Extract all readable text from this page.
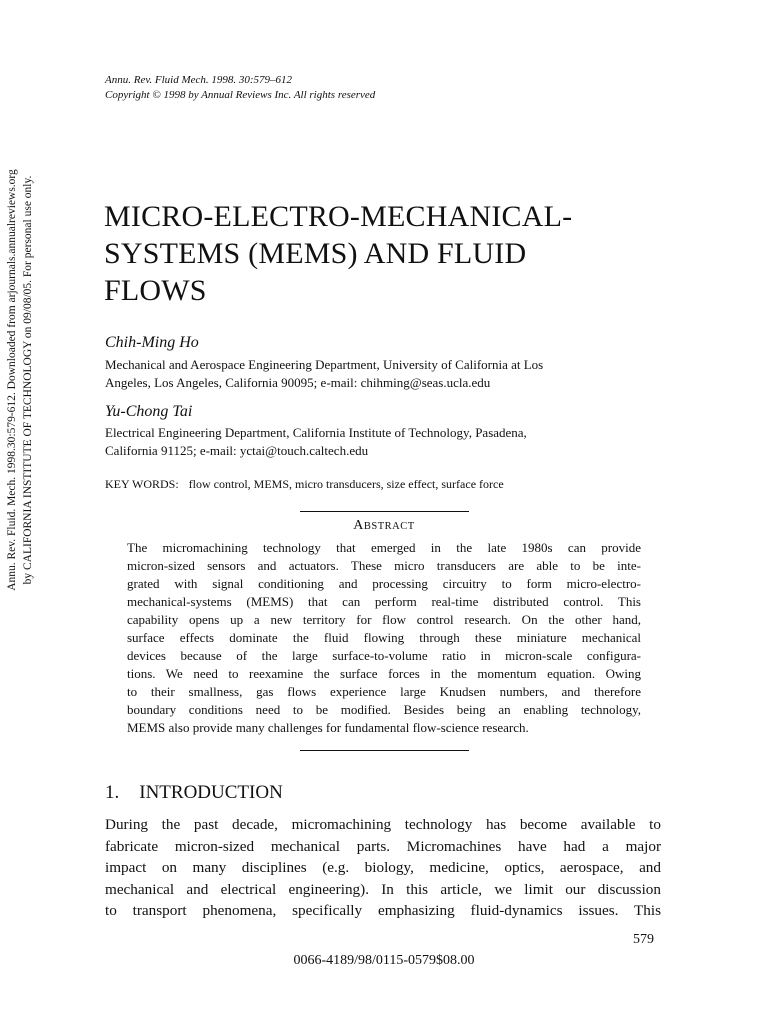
Annu. Rev. Fluid. Mech. 1998.30:579-612. Downloaded from arjournals.annualreviews.org by CALIFORNIA INSTITUTE OF TECHNOLOGY on 09/08/05. For personal use only.
Annu. Rev. Fluid Mech. 1998. 30:579–612
Copyright © 1998 by Annual Reviews Inc. All rights reserved
MICRO-ELECTRO-MECHANICAL-
SYSTEMS (MEMS) AND FLUID
FLOWS
Chih-Ming Ho
Mechanical and Aerospace Engineering Department, University of California at Los
Angeles, Los Angeles, California 90095; e-mail: chihming@seas.ucla.edu
Yu-Chong Tai
Electrical Engineering Department, California Institute of Technology, Pasadena,
California 91125; e-mail: yctai@touch.caltech.edu
KEY WORDS: flow control, MEMS, micro transducers, size effect, surface force
ABSTRACT
The micromachining technology that emerged in the late 1980s can provide
micron-sized sensors and actuators. These micro transducers are able to be inte-
grated with signal conditioning and processing circuitry to form micro-electro-
mechanical-systems (MEMS) that can perform real-time distributed control. This
capability opens up a new territory for flow control research. On the other hand,
surface effects dominate the fluid flowing through these miniature mechanical
devices because of the large surface-to-volume ratio in micron-scale configura-
tions. We need to reexamine the surface forces in the momentum equation. Owing
to their smallness, gas flows experience large Knudsen numbers, and therefore
boundary conditions need to be modified. Besides being an enabling technology,
MEMS also provide many challenges for fundamental flow-science research.
1. INTRODUCTION
During the past decade, micromachining technology has become available to
fabricate micron-sized mechanical parts. Micromachines have had a major
impact on many disciplines (e.g. biology, medicine, optics, aerospace, and
mechanical and electrical engineering). In this article, we limit our discussion
to transport phenomena, specifically emphasizing fluid-dynamics issues. This
579
0066-4189/98/0115-0579$08.00
